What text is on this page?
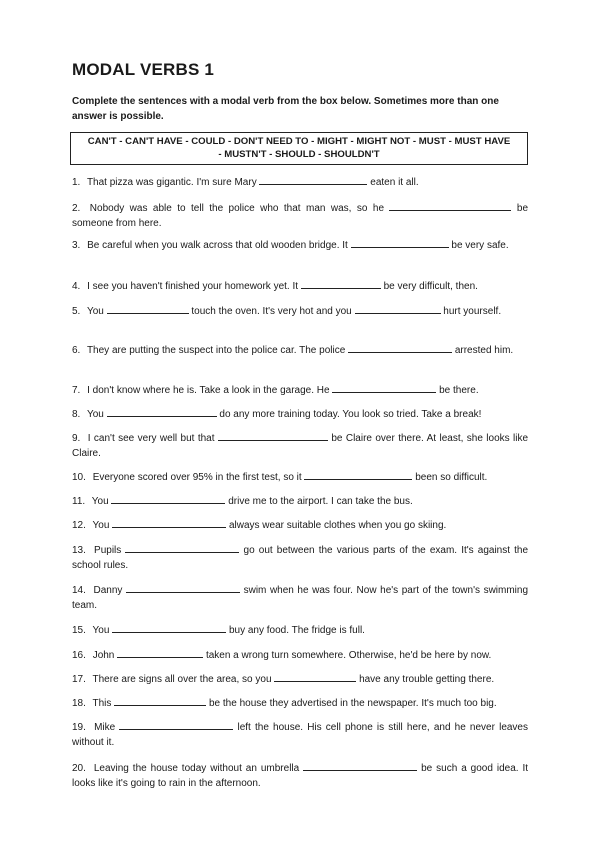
MODAL VERBS 1

Complete the sentences with a modal verb from the box below. Sometimes more than one answer is possible.

CAN'T - CAN'T HAVE - COULD - DON'T NEED TO - MIGHT - MIGHT NOT - MUST - MUST HAVE
- MUSTN'T - SHOULD - SHOULDN'T
1. That pizza was gigantic. I'm sure Mary	eaten it all.
2. Nobody was able to tell the police who that man was, so he	be someone from here.
3. Be careful when you walk across that old wooden bridge. It	be very safe.
4. I see you haven't finished your homework yet. It	be very difficult, then.
5. You	touch the oven. It's very hot and you	hurt yourself.
6. They are putting the suspect into the police car. The police	arrested him.
7. I don't know where he is. Take a look in the garage. He	be there.
8. You	do any more training today. You look so tried. Take a break!
9. I can't see very well but that	be Claire over there. At least, she looks like Claire.
10. Everyone scored over 95% in the first test, so it	been so difficult.
11. You	drive me to the airport. I can take the bus.
12. You	always wear suitable clothes when you go skiing.
13. Pupils	go out between the various parts of the exam. It's against the school rules.
14. Danny	swim when he was four. Now he's part of the town's swimming team.
15. You	buy any food. The fridge is full.
16. John	taken a wrong turn somewhere. Otherwise, he'd be here by now.
17. There are signs all over the area, so you	have any trouble getting there.
18. This	be the house they advertised in the newspaper. It's much too big.
19. Mike	left the house. His cell phone is still here, and he never leaves without it.
20. Leaving the house today without an umbrella	be such a good idea. It looks like it's going to rain in the afternoon.
